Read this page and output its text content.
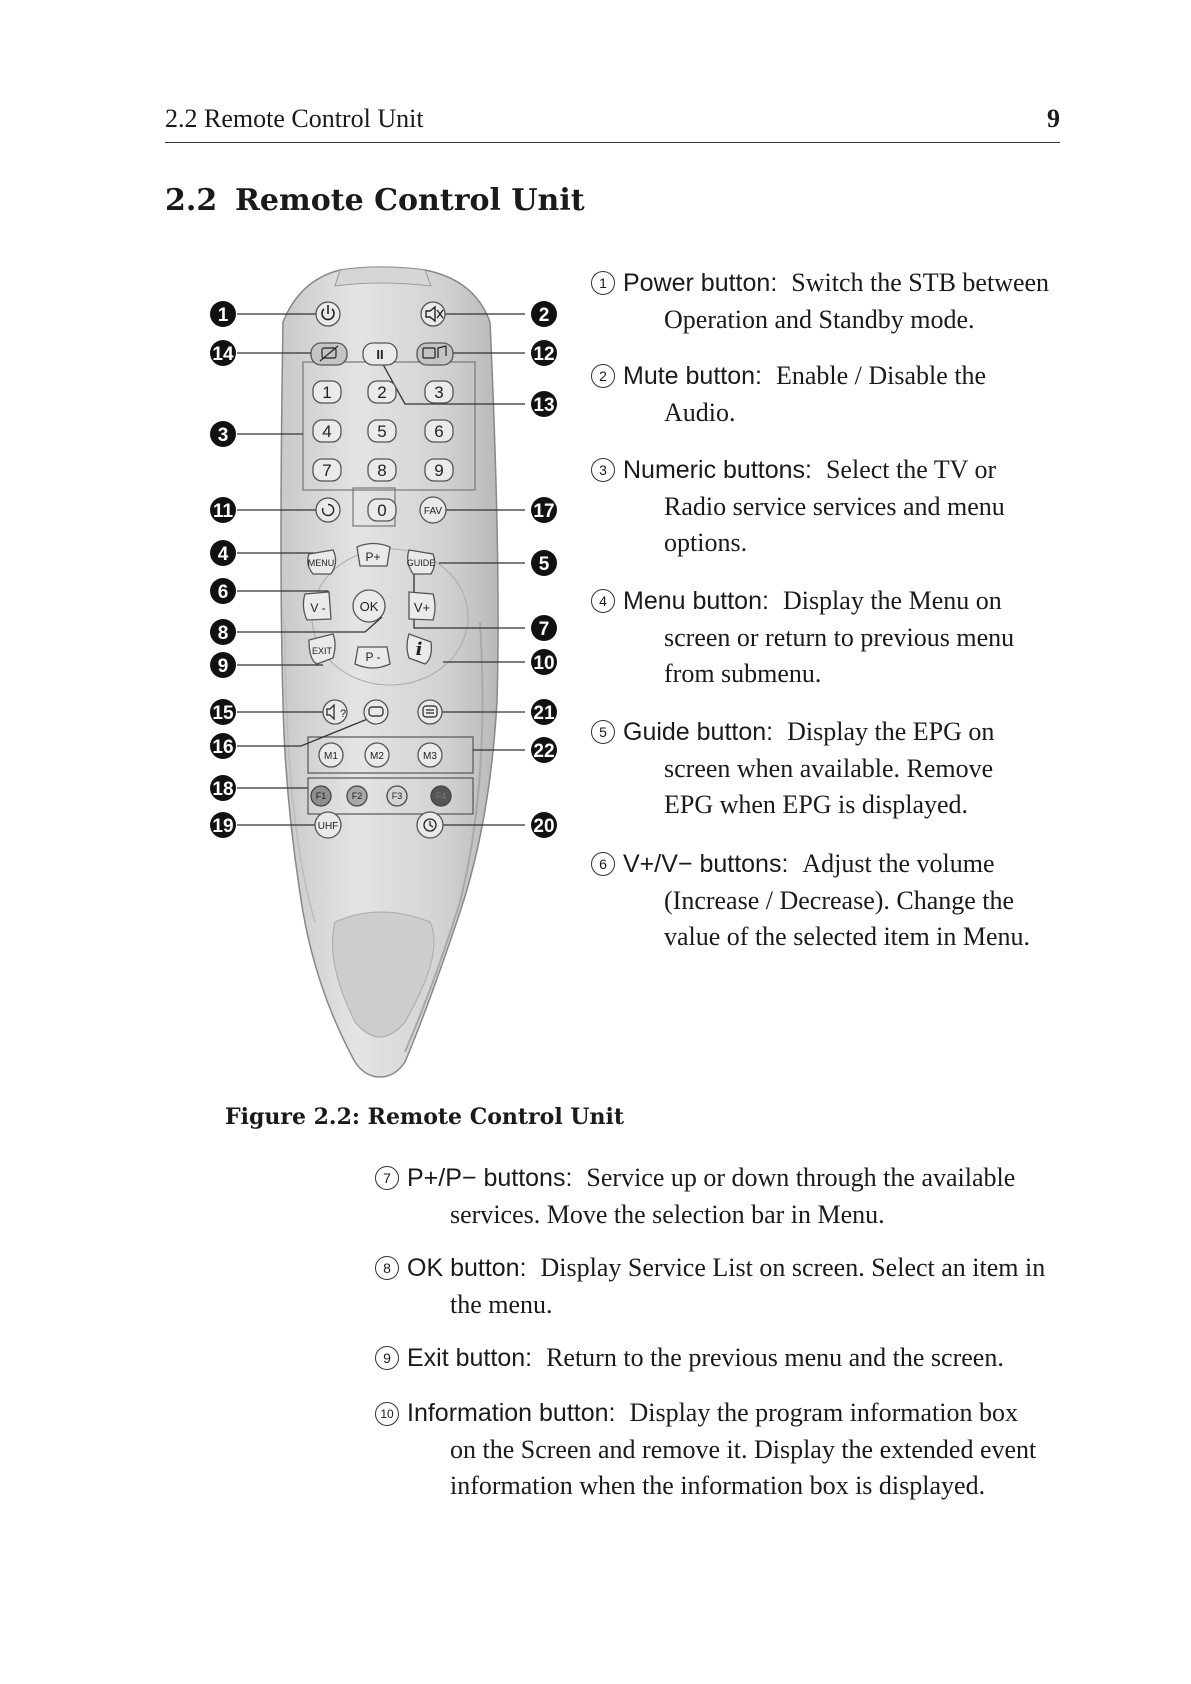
2.2 Remote Control Unit	9
2.2 Remote Control Unit
II
1	2	3
4	5	6
7	8	9
0	FAV
MENU	P+	GUIDE
V -	OK	V+
EXIT	P - i
?
M1	M2	M3
F1	F2	F3	F4
UHF
1	2
14	12
13
3
11	17
4	5
6
7
8
9	10
15	21
16	22
18
20
19
Figure 2.2: Remote Control Unit
1 Power button: Switch the STB between
Operation and Standby mode.
2 Mute button: Enable / Disable the
Audio.
3 Numeric buttons: Select the TV or
Radio service services and menu
options.
4 Menu button: Display the Menu on
screen or return to previous menu
from submenu.
5 Guide button: Display the EPG on
screen when available. Remove
EPG when EPG is displayed.
6 V+/V− buttons: Adjust the volume
(Increase / Decrease). Change the
value of the selected item in Menu.
7 P+/P− buttons: Service up or down through the available
services. Move the selection bar in Menu.
8 OK button: Display Service List on screen. Select an item in
the menu.
9 Exit button: Return to the previous menu and the screen.
10 Information button: Display the program information box
on the Screen and remove it. Display the extended event
information when the information box is displayed.
